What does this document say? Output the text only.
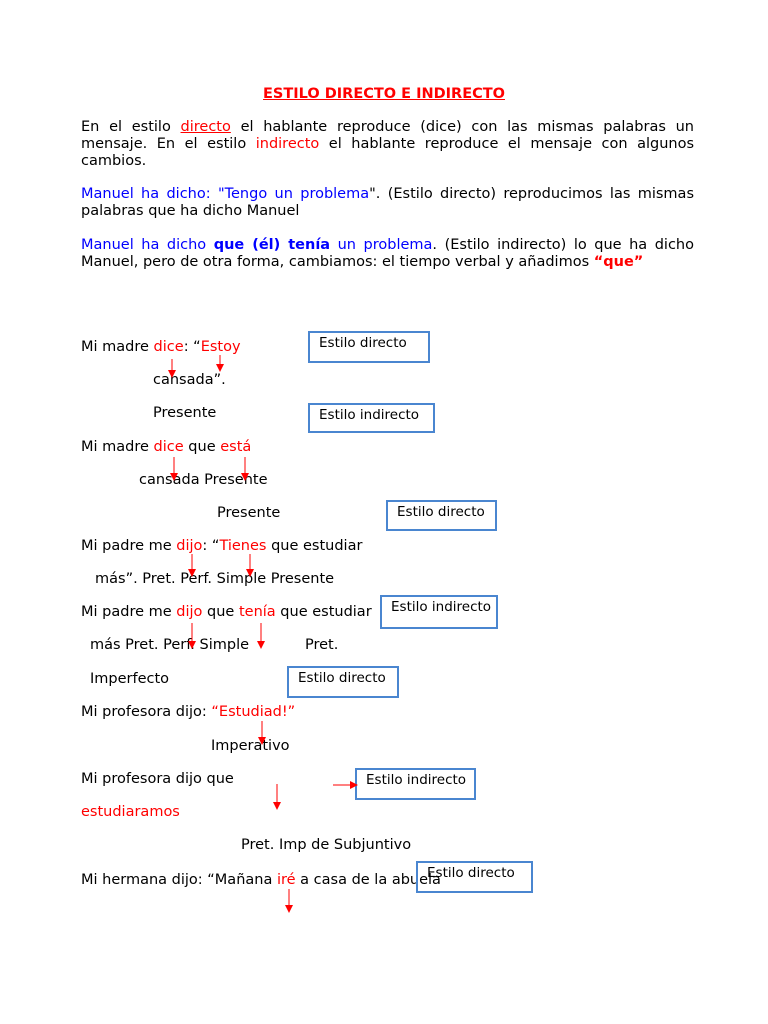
ESTILO DIRECTO E INDIRECTO
En el estilo directo el hablante reproduce (dice) con las mismas palabras un mensaje. En el estilo indirecto el hablante reproduce el mensaje con algunos cambios.
Manuel ha dicho: "Tengo un problema". (Estilo directo) reproducimos las mismas palabras que ha dicho Manuel
Manuel ha dicho que (él) tenía un problema. (Estilo indirecto) lo que ha dicho Manuel, pero de otra forma, cambiamos: el tiempo verbal y añadimos “que”
Mi madre dice: “Estoy
cansada”.
Presente
Estilo directo
Mi madre dice que está
cansada Presente
Presente
Estilo indirecto
Mi padre me dijo: “Tienes que estudiar
más”. Pret. Perf. Simple Presente
Estilo directo
Mi padre me dijo que tenía que estudiar
más Pret. Perf. Simple	Pret.
Imperfecto
Estilo indirecto
Estilo directo
Mi profesora dijo: “Estudiad!”
Imperativo
Mi profesora dijo que
estudiaramos
Pret. Imp de Subjuntivo
Estilo indirecto
Mi hermana dijo: “Mañana iré a casa de la abuela
Estilo directo
